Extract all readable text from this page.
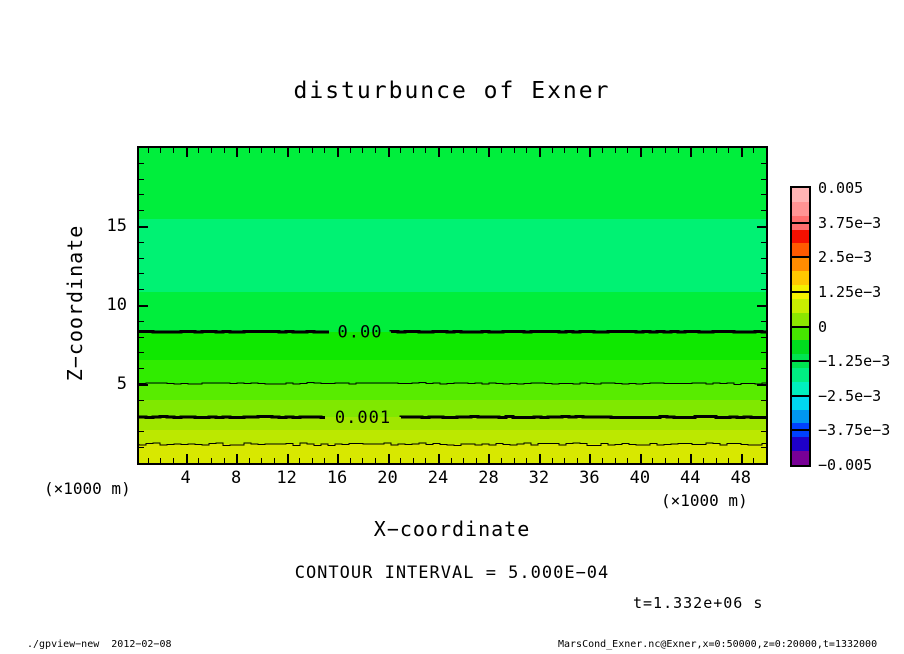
disturbunce of Exner
Z−coordinate	0.00
0.001
5
10
15
4 8 12 16 20 24 28 32 36 40 44 48
(×1000 m)
(×1000 m)
X−coordinate
CONTOUR INTERVAL = 5.000E−04
t=1.332e+06 s
0.005
3.75e−3
2.5e−3
1.25e−3
0
−1.25e−3
−2.5e−3
−3.75e−3
−0.005
./gpview−new  2012−02−08	MarsCond_Exner.nc@Exner,x=0:50000,z=0:20000,t=1332000
